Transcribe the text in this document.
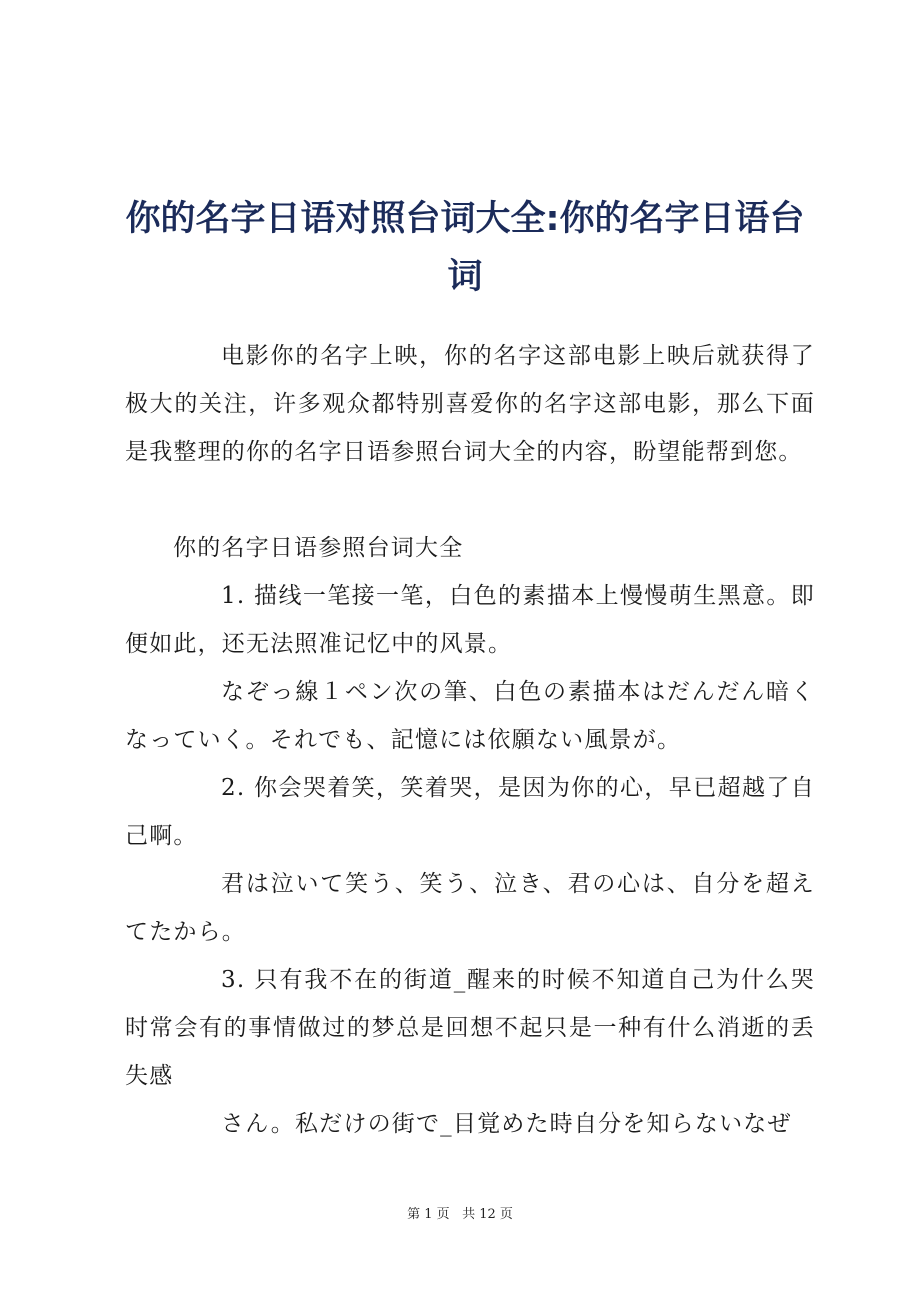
你的名字日语对照台词大全:你的名字日语台词

电影你的名字上映，你的名字这部电影上映后就获得了极大的关注，许多观众都特别喜爱你的名字这部电影，那么下面是我整理的你的名字日语参照台词大全的内容，盼望能帮到您。

你的名字日语参照台词大全

1. 描线一笔接一笔，白色的素描本上慢慢萌生黑意。即便如此，还无法照准记忆中的风景。

なぞっ線１ペン次の筆、白色の素描本はだんだん暗くなっていく。それでも、記憶には依願ない風景が。

2. 你会哭着笑，笑着哭，是因为你的心，早已超越了自己啊。

君は泣いて笑う、笑う、泣き、君の心は、自分を超えてたから。

3. 只有我不在的街道_醒来的时候不知道自己为什么哭时常会有的事情做过的梦总是回想不起只是一种有什么消逝的丢失感

さん。私だけの街で_目覚めた時自分を知らないなぜ

第 1 页 共 12 页
